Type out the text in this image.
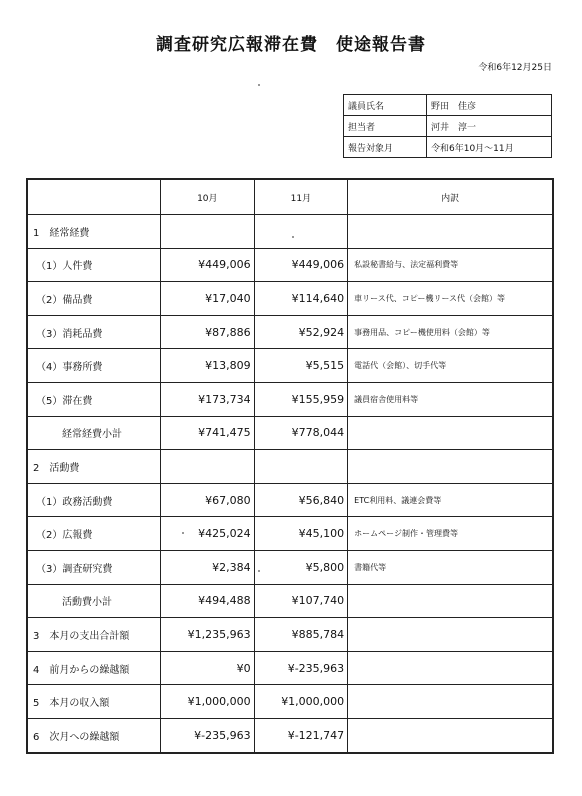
調査研究広報滞在費　使途報告書
令和6年12月25日
議員氏名	野田　佳彦
担当者	河井　淳一
報告対象月	令和6年10月～11月
	10月	11月	内訳
1　経常経費			
（1）人件費	¥449,006	¥449,006	私設秘書給与、法定福利費等
（2）備品費	¥17,040	¥114,640	車リース代、コピー機リース代（会館）等
（3）消耗品費	¥87,886	¥52,924	事務用品、コピー機使用料（会館）等
（4）事務所費	¥13,809	¥5,515	電話代（会館）、切手代等
（5）滞在費	¥173,734	¥155,959	議員宿舎使用料等
経常経費小計	¥741,475	¥778,044	
2　活動費			
（1）政務活動費	¥67,080	¥56,840	ETC利用料、議連会費等
（2）広報費	¥425,024	¥45,100	ホームページ制作・管理費等
（3）調査研究費	¥2,384	¥5,800	書籍代等
活動費小計	¥494,488	¥107,740	
3　本月の支出合計額	¥1,235,963	¥885,784	
4　前月からの繰越額	¥0	¥-235,963	
5　本月の収入額	¥1,000,000	¥1,000,000	
6　次月への繰越額	¥-235,963	¥-121,747	
